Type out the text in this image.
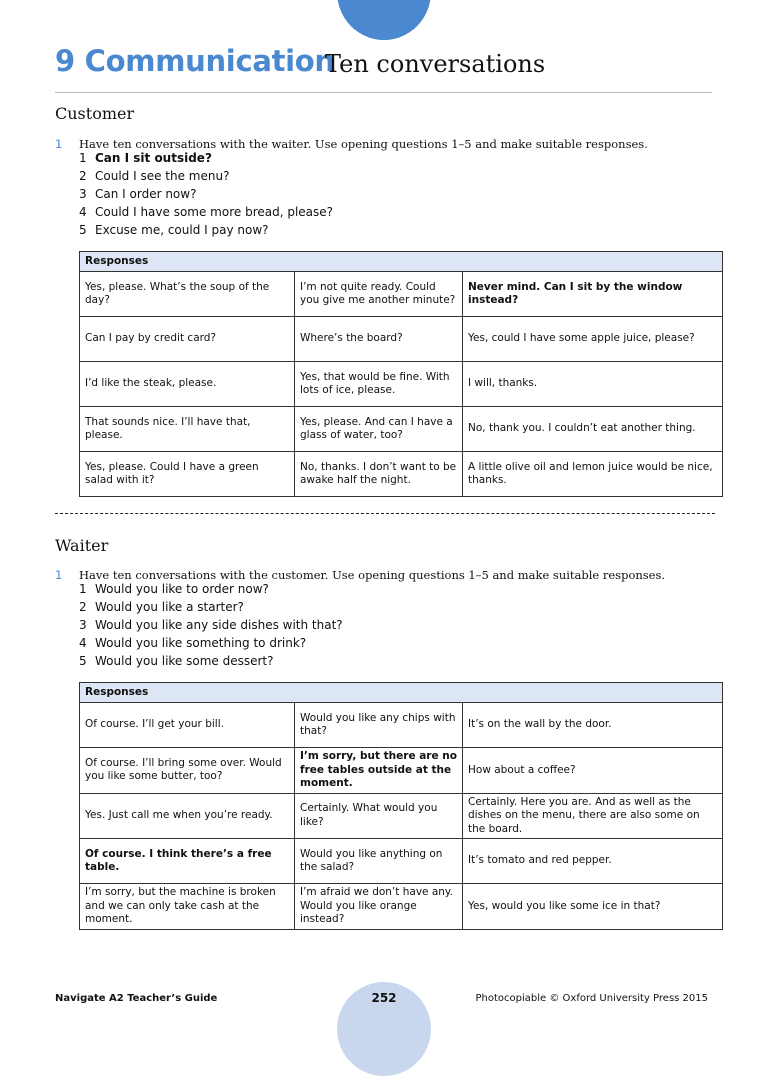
9 Communication
Ten conversations
Customer
1 Have ten conversations with the waiter. Use opening questions 1–5 and make suitable responses.
1 Can I sit outside?
2 Could I see the menu?
3 Can I order now?
4 Could I have some more bread, please?
5 Excuse me, could I pay now?
Responses		
Yes, please. What’s the soup of the day?	I’m not quite ready. Could you give me another minute?	Never mind. Can I sit by the window instead?
Can I pay by credit card?	Where’s the board?	Yes, could I have some apple juice, please?
I’d like the steak, please.	Yes, that would be fine. With lots of ice, please.	I will, thanks.
That sounds nice. I’ll have that, please.	Yes, please. And can I have a glass of water, too?	No, thank you. I couldn’t eat another thing.
Yes, please. Could I have a green salad with it?	No, thanks. I don’t want to be awake half the night.	A little olive oil and lemon juice would be nice, thanks.
Waiter
1 Have ten conversations with the customer. Use opening questions 1–5 and make suitable responses.
1 Would you like to order now?
2 Would you like a starter?
3 Would you like any side dishes with that?
4 Would you like something to drink?
5 Would you like some dessert?
Responses		
Of course. I’ll get your bill.	Would you like any chips with that?	It’s on the wall by the door.
Of course. I’ll bring some over. Would you like some butter, too?	I’m sorry, but there are no free tables outside at the moment.	How about a coffee?
Yes. Just call me when you’re ready.	Certainly. What would you like?	Certainly. Here you are. And as well as the dishes on the menu, there are also some on the board.
Of course. I think there’s a free table.	Would you like anything on the salad?	It’s tomato and red pepper.
I’m sorry, but the machine is broken and we can only take cash at the moment.	I’m afraid we don’t have any. Would you like orange instead?	Yes, would you like some ice in that?
Navigate A2 Teacher’s Guide	252	Photocopiable © Oxford University Press 2015
